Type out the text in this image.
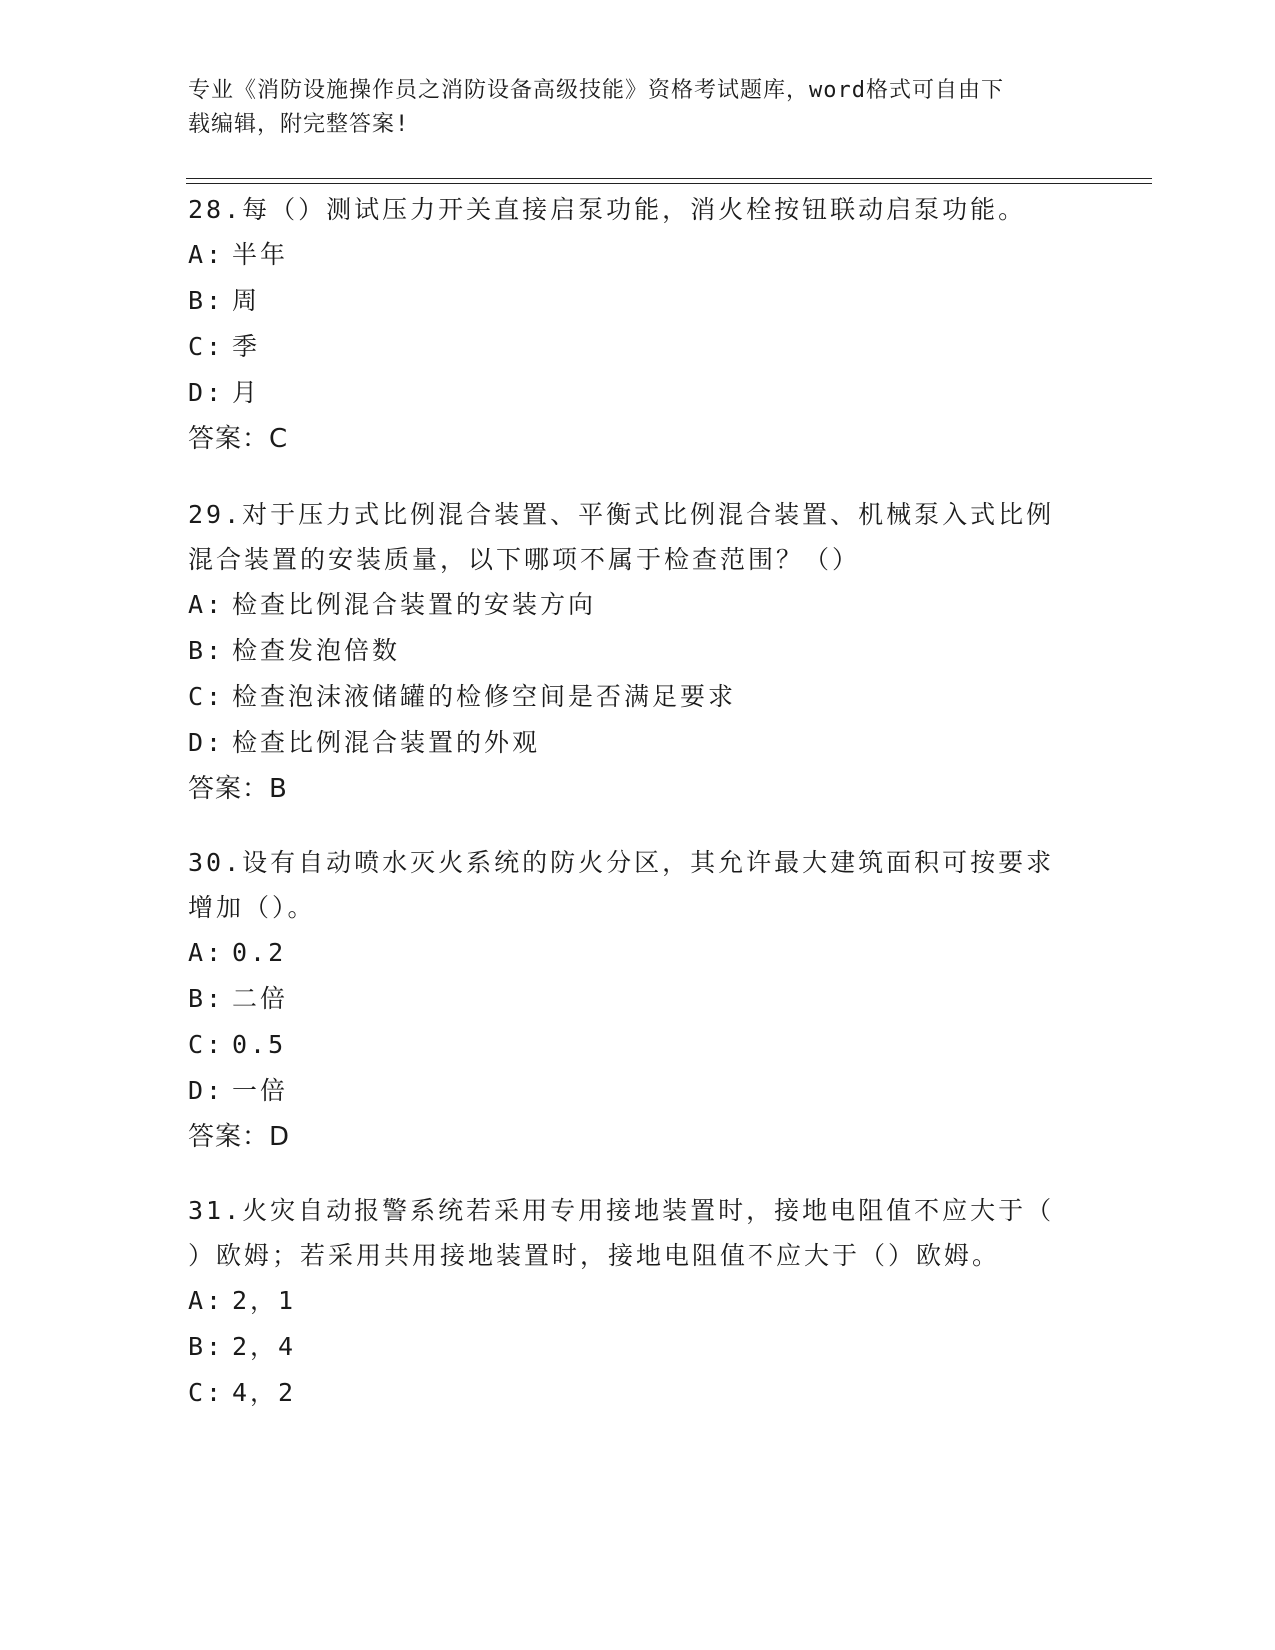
专业《消防设施操作员之消防设备高级技能》资格考试题库，word格式可自由下
载编辑，附完整答案!

28.每（）测试压力开关直接启泵功能，消火栓按钮联动启泵功能。

A: 半年

B: 周

C: 季

D: 月

答案：C

29.对于压力式比例混合装置、平衡式比例混合装置、机械泵入式比例

混合装置的安装质量，以下哪项不属于检查范围？（）

A: 检查比例混合装置的安装方向

B: 检查发泡倍数

C: 检查泡沫液储罐的检修空间是否满足要求

D: 检查比例混合装置的外观

答案：B

30.设有自动喷水灭火系统的防火分区，其允许最大建筑面积可按要求

增加（）。

A: 0.2

B: 二倍

C: 0.5

D: 一倍

答案：D

31.火灾自动报警系统若采用专用接地装置时，接地电阻值不应大于（

）欧姆；若采用共用接地装置时，接地电阻值不应大于（）欧姆。

A: 2，1

B: 2，4

C: 4，2
